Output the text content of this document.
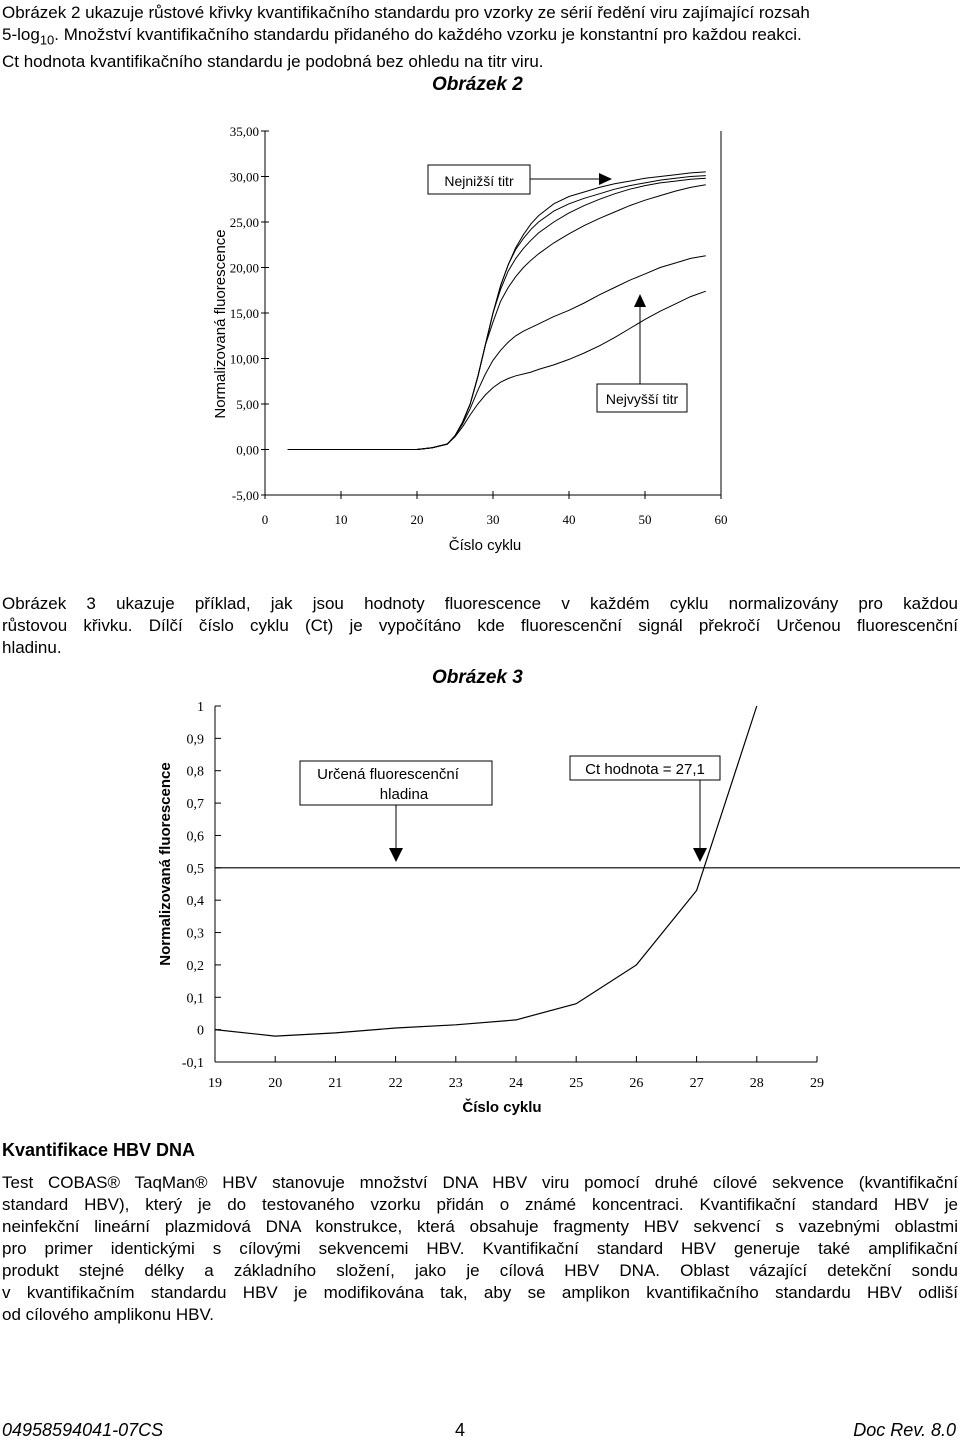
Obrázek 2 ukazuje růstové křivky kvantifikačního standardu pro vzorky ze sérií ředění viru zajímající rozsah
$5-\log_{10}$. Množství kvantifikačního standardu přidaného do každého vzorku je konstantní pro každou reakci.
Ct hodnota kvantifikačního standardu je podobná bez ohledu na titr viru.
Obrázek 2
35,00
30,00
25,00
20,00
15,00
10,00
5,00
0,00
-5,00
0	10	20	30	40	50	60
Nejnižší titr
Nejvyšší titr
Normalizovaná fluorescence
Číslo cyklu
Obrázek 3 ukazuje příklad, jak jsou hodnoty fluorescence v každém cyklu normalizovány pro každou
růstovou křivku. Dílčí číslo cyklu (Ct) je vypočítáno kde fluorescenční signál překročí Určenou fluorescenční
hladinu.
Obrázek 3
1
0,9
0,8
0,7
0,6
0,5
0,4
0,3
0,2
0,1
0
-0,1
19	20	21	22	23	24	25	26	27	28	29
Určená fluorescenční
hladina
Ct hodnota = 27,1
Normalizovaná fluorescence
Číslo cyklu
Kvantifikace HBV DNA
Test COBAS® TaqMan® HBV stanovuje množství DNA HBV viru pomocí druhé cílové sekvence (kvantifikační
standard HBV), který je do testovaného vzorku přidán o známé koncentraci. Kvantifikační standard HBV je
neinfekční lineární plazmidová DNA konstrukce, která obsahuje fragmenty HBV sekvencí s vazebnými oblastmi
pro primer identickými s cílovými sekvencemi HBV. Kvantifikační standard HBV generuje také amplifikační
produkt stejné délky a základního složení, jako je cílová HBV DNA. Oblast vázající detekční sondu
v kvantifikačním standardu HBV je modifikována tak, aby se amplikon kvantifikačního standardu HBV odliší
od cílového amplikonu HBV.
04958594041-07CS	4	Doc Rev. 8.0
